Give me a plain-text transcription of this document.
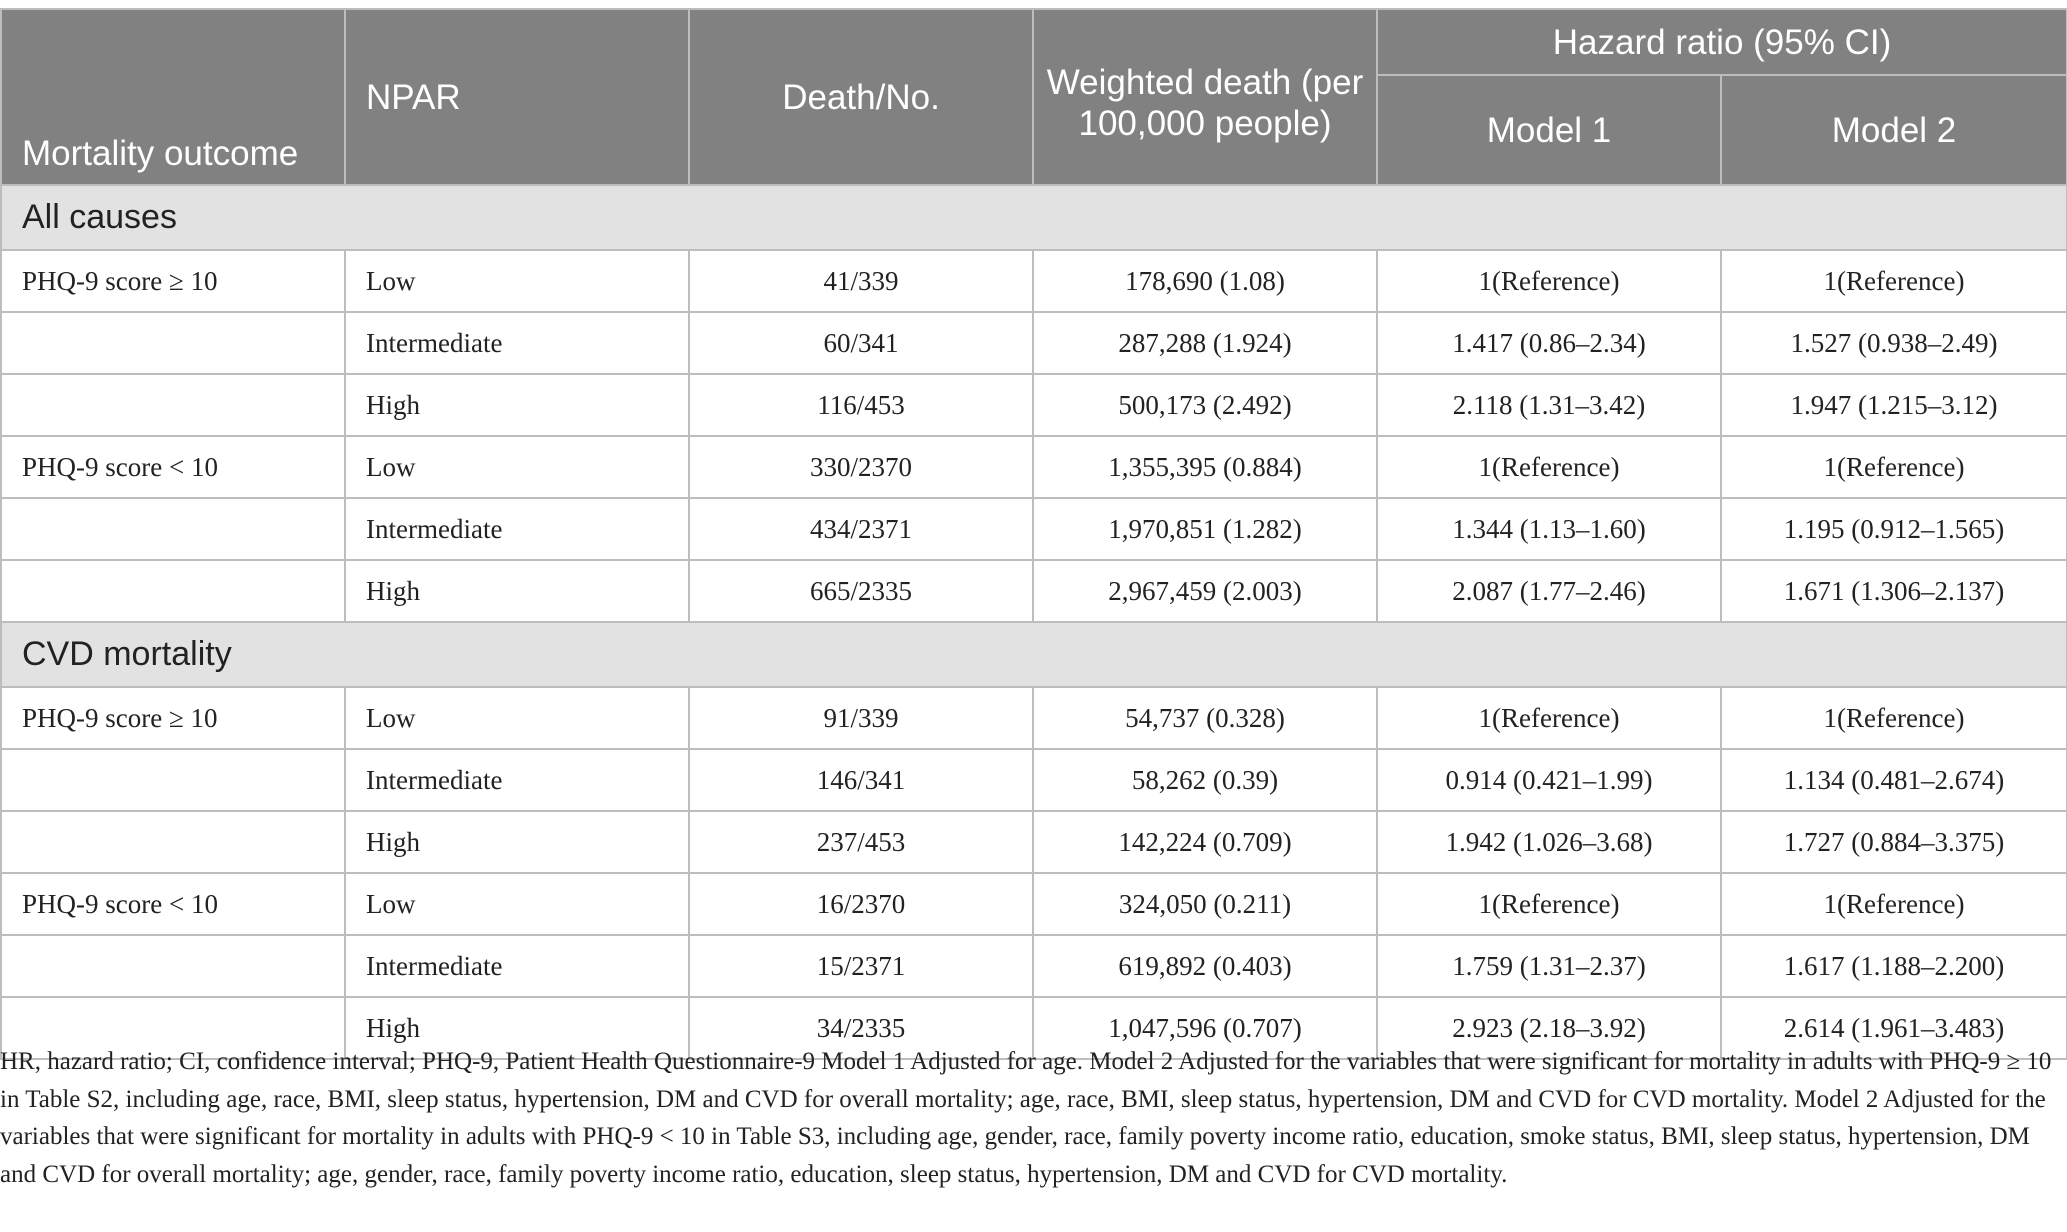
Mortality outcome	NPAR	Death/No.	Weighted death (per 100,000 people)	Hazard ratio (95% CI)	
				Model 1	Model 2
All causes					
PHQ-9 score ≥ 10	Low	41/339	178,690 (1.08)	1(Reference)	1(Reference)
	Intermediate	60/341	287,288 (1.924)	1.417 (0.86–2.34)	1.527 (0.938–2.49)
	High	116/453	500,173 (2.492)	2.118 (1.31–3.42)	1.947 (1.215–3.12)
PHQ-9 score < 10	Low	330/2370	1,355,395 (0.884)	1(Reference)	1(Reference)
	Intermediate	434/2371	1,970,851 (1.282)	1.344 (1.13–1.60)	1.195 (0.912–1.565)
	High	665/2335	2,967,459 (2.003)	2.087 (1.77–2.46)	1.671 (1.306–2.137)
CVD mortality					
PHQ-9 score ≥ 10	Low	91/339	54,737 (0.328)	1(Reference)	1(Reference)
	Intermediate	146/341	58,262 (0.39)	0.914 (0.421–1.99)	1.134 (0.481–2.674)
	High	237/453	142,224 (0.709)	1.942 (1.026–3.68)	1.727 (0.884–3.375)
PHQ-9 score < 10	Low	16/2370	324,050 (0.211)	1(Reference)	1(Reference)
	Intermediate	15/2371	619,892 (0.403)	1.759 (1.31–2.37)	1.617 (1.188–2.200)
	High	34/2335	1,047,596 (0.707)	2.923 (2.18–3.92)	2.614 (1.961–3.483)

HR, hazard ratio; CI, confidence interval; PHQ-9, Patient Health Questionnaire-9 Model 1 Adjusted for age. Model 2 Adjusted for the variables that were significant for mortality in adults with PHQ-9 ≥ 10 in Table S2, including age, race, BMI, sleep status, hypertension, DM and CVD for overall mortality; age, race, BMI, sleep status, hypertension, DM and CVD for CVD mortality. Model 2 Adjusted for the variables that were significant for mortality in adults with PHQ-9 < 10 in Table S3, including age, gender, race, family poverty income ratio, education, smoke status, BMI, sleep status, hypertension, DM and CVD for overall mortality; age, gender, race, family poverty income ratio, education, sleep status, hypertension, DM and CVD for CVD mortality.
